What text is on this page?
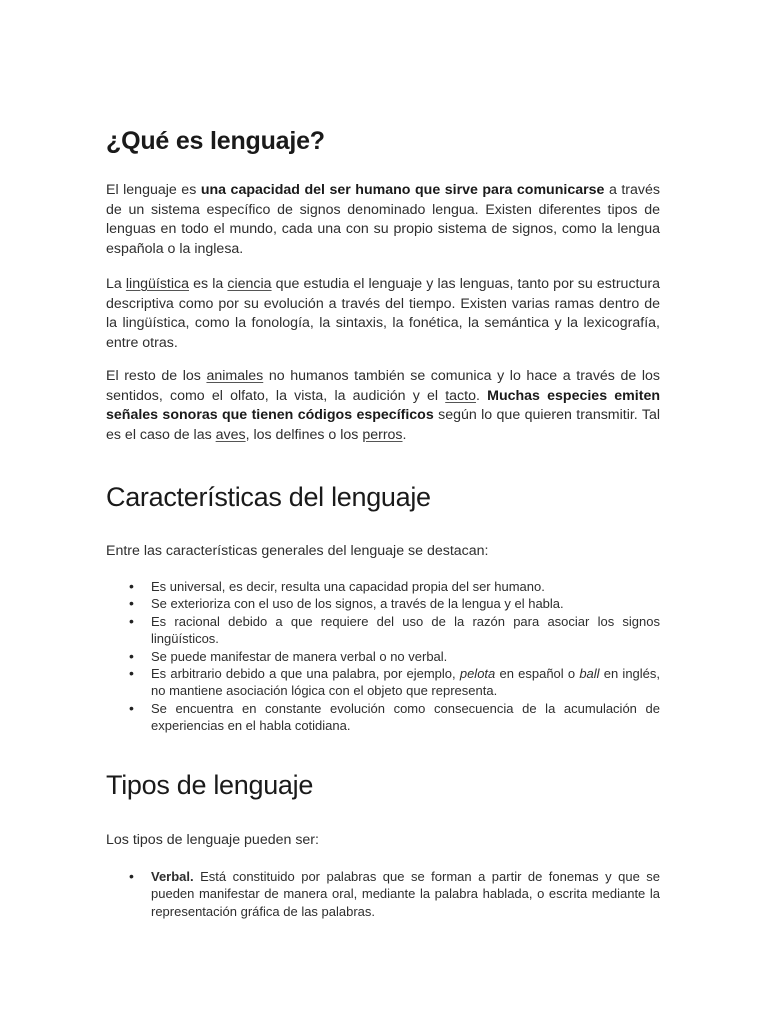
¿Qué es lenguaje?

El lenguaje es una capacidad del ser humano que sirve para comunicarse a través de un sistema específico de signos denominado lengua. Existen diferentes tipos de lenguas en todo el mundo, cada una con su propio sistema de signos, como la lengua española o la inglesa.

La lingüística es la ciencia que estudia el lenguaje y las lenguas, tanto por su estructura descriptiva como por su evolución a través del tiempo. Existen varias ramas dentro de la lingüística, como la fonología, la sintaxis, la fonética, la semántica y la lexicografía, entre otras.

El resto de los animales no humanos también se comunica y lo hace a través de los sentidos, como el olfato, la vista, la audición y el tacto. Muchas especies emiten señales sonoras que tienen códigos específicos según lo que quieren transmitir. Tal es el caso de las aves, los delfines o los perros.

Características del lenguaje

Entre las características generales del lenguaje se destacan:

• Es universal, es decir, resulta una capacidad propia del ser humano.
• Se exterioriza con el uso de los signos, a través de la lengua y el habla.
• Es racional debido a que requiere del uso de la razón para asociar los signos lingüísticos.
• Se puede manifestar de manera verbal o no verbal.
• Es arbitrario debido a que una palabra, por ejemplo, pelota en español o ball en inglés, no mantiene asociación lógica con el objeto que representa.
• Se encuentra en constante evolución como consecuencia de la acumulación de experiencias en el habla cotidiana.
Tipos de lenguaje

Los tipos de lenguaje pueden ser:

• Verbal. Está constituido por palabras que se forman a partir de fonemas y que se pueden manifestar de manera oral, mediante la palabra hablada, o escrita mediante la representación gráfica de las palabras.
